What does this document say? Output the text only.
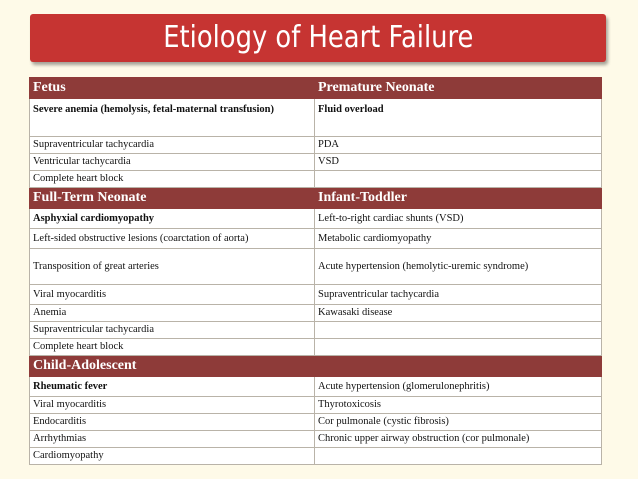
Etiology of Heart Failure
Fetus	Premature Neonate
Severe anemia (hemolysis, fetal-maternal transfusion)	Fluid overload
Supraventricular tachycardia	PDA
Ventricular tachycardia	VSD
Complete heart block	
Full-Term Neonate	Infant-Toddler
Asphyxial cardiomyopathy	Left-to-right cardiac shunts (VSD)
Left-sided obstructive lesions (coarctation of aorta)	Metabolic cardiomyopathy
Transposition of great arteries	Acute hypertension (hemolytic-uremic syndrome)
Viral myocarditis	Supraventricular tachycardia
Anemia	Kawasaki disease
Supraventricular tachycardia	
Complete heart block	
Child-Adolescent	
Rheumatic fever	Acute hypertension (glomerulonephritis)
Viral myocarditis	Thyrotoxicosis
Endocarditis	Cor pulmonale (cystic fibrosis)
Arrhythmias	Chronic upper airway obstruction (cor pulmonale)
Cardiomyopathy	
